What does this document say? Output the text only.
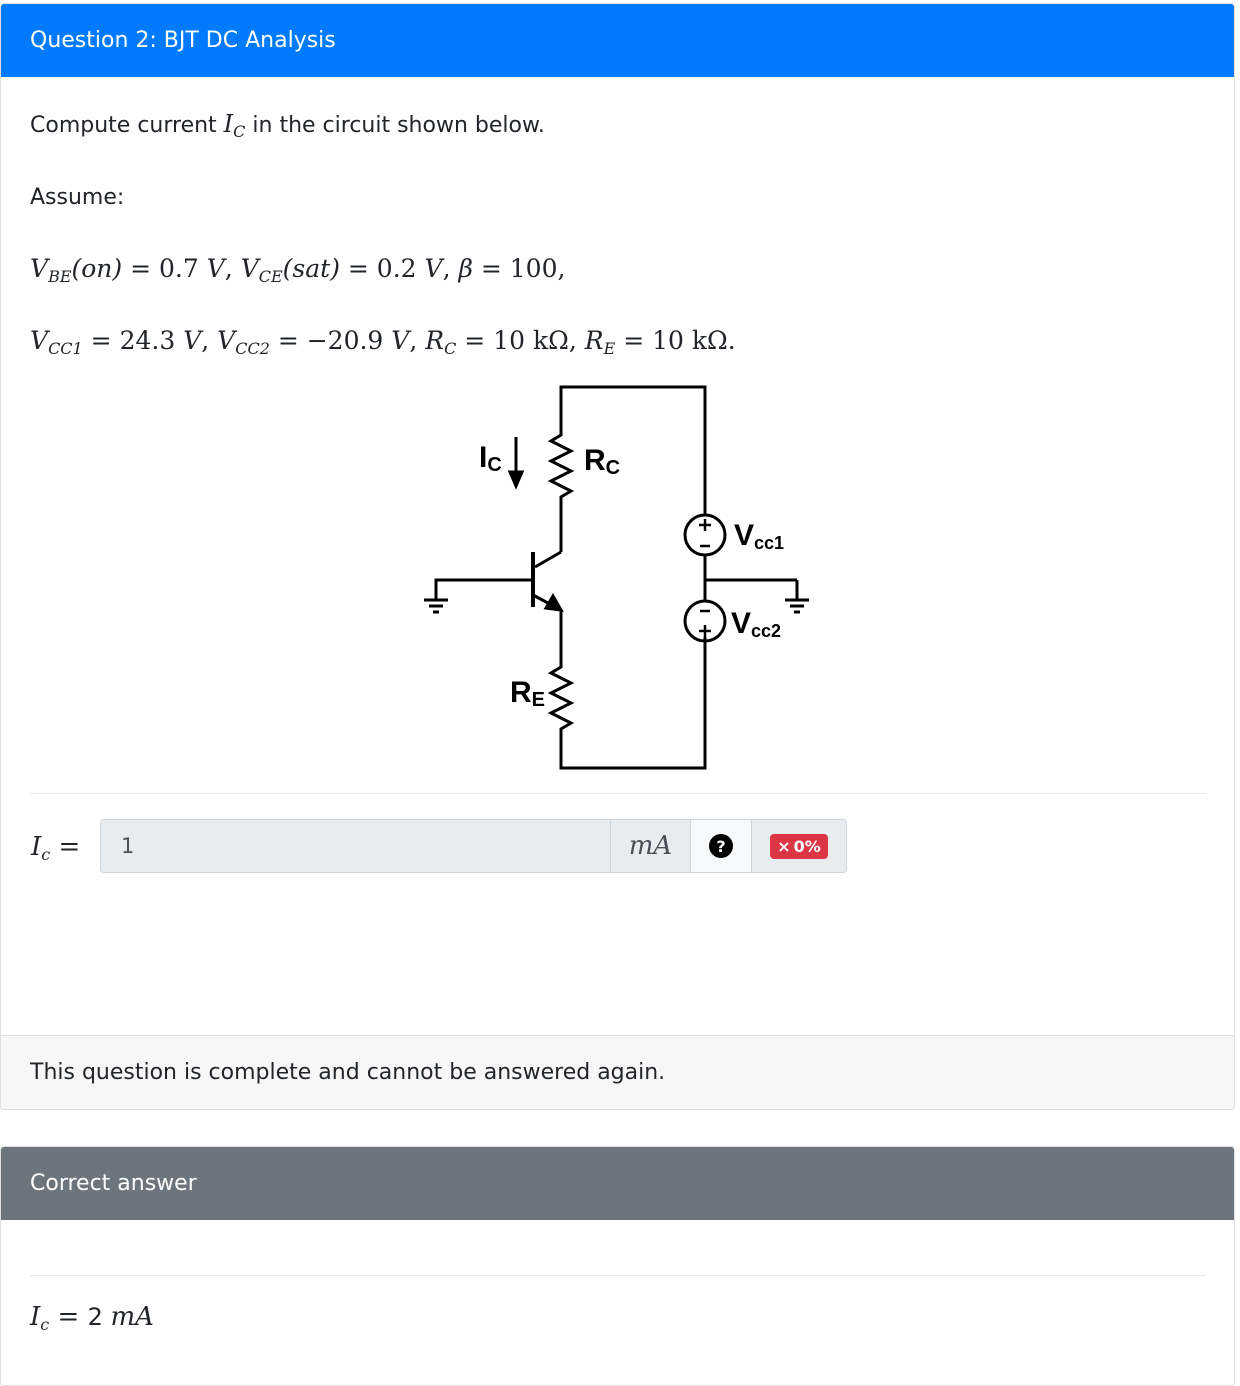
Question 2: BJT DC Analysis
Compute current $I_C$ in the circuit shown below.
Assume:
$V_{BE}(on) = 0.7$ V, $V_{CE}(sat) = 0.2$ V, β = 100,
$V_{CC1} = 24.3$ V, $V_{CC2} = -20.9$ V, $R_C = 10$ kΩ, $R_E = 10$ kΩ.
IC	RC
RE
Vcc1
Vcc2
$I_c$ =
1	mA	?	× 0%
This question is complete and cannot be answered again.
Correct answer
$I_c = 2$ mA
